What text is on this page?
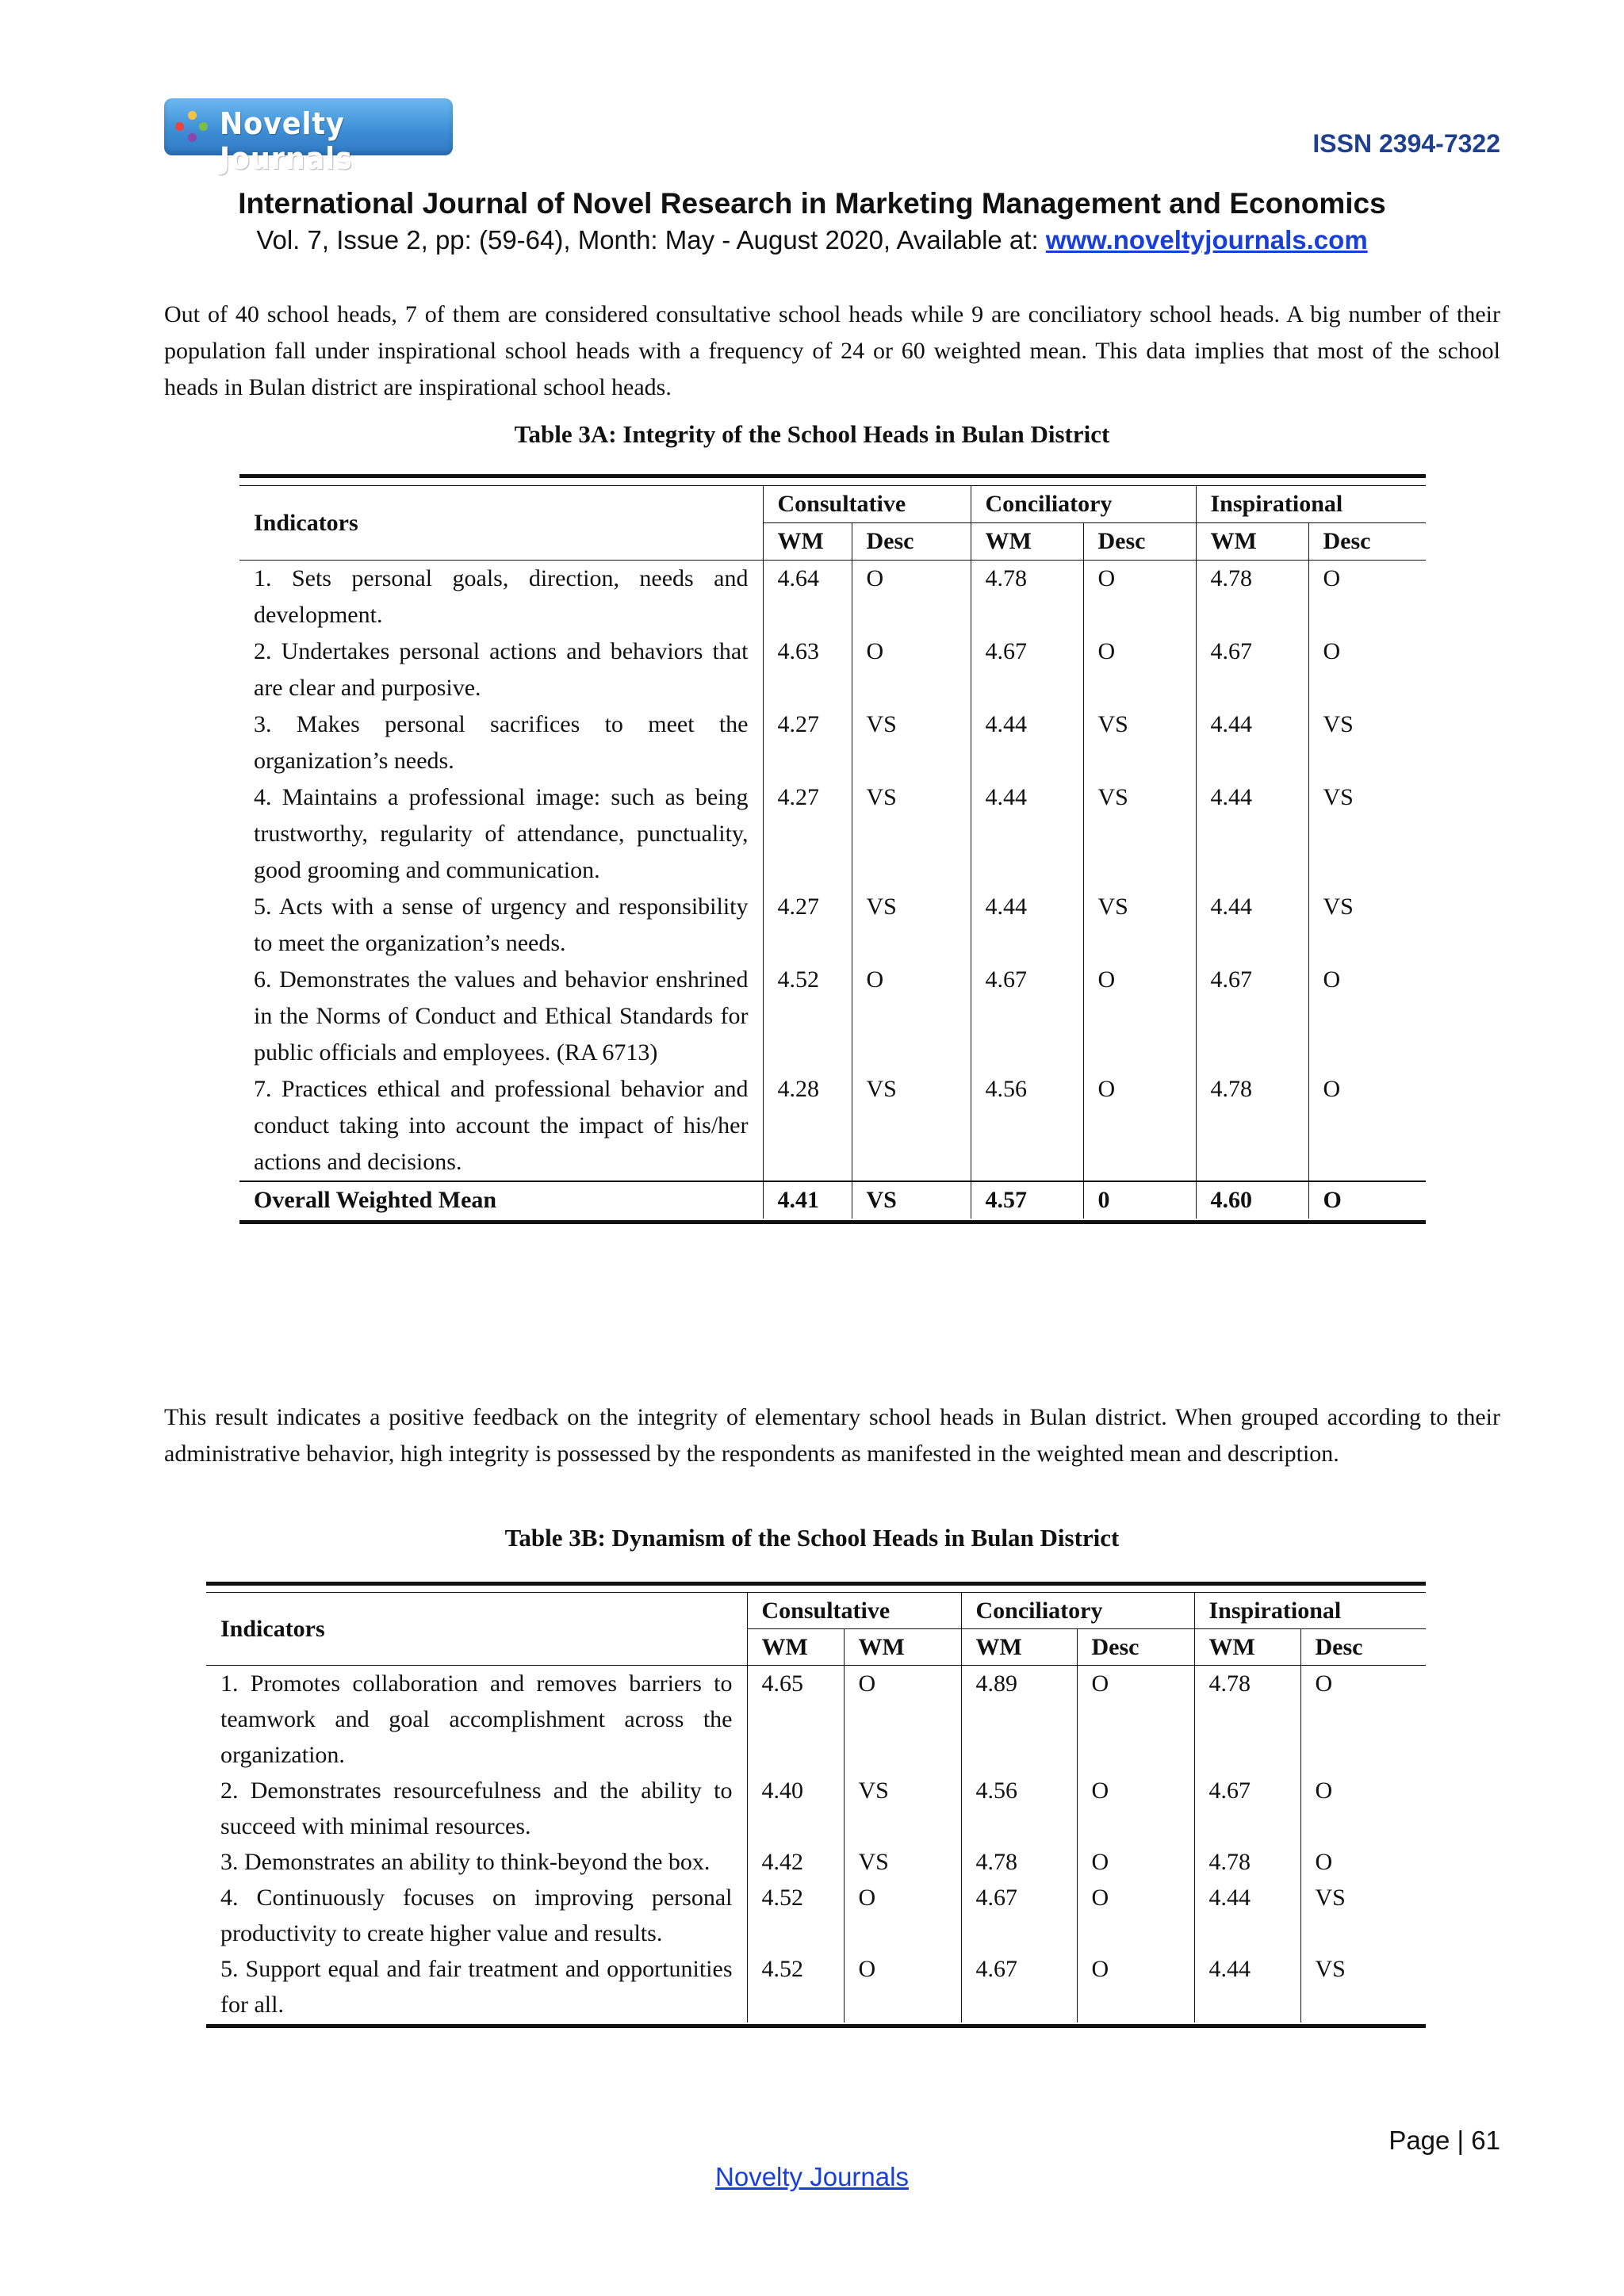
Novelty Journals	ISSN 2394-7322
International Journal of Novel Research in Marketing Management and Economics
Vol. 7, Issue 2, pp: (59-64), Month: May - August 2020, Available at: www.noveltyjournals.com
Out of 40 school heads, 7 of them are considered consultative school heads while 9 are conciliatory school heads. A big number of their population fall under inspirational school heads with a frequency of 24 or 60 weighted mean. This data implies that most of the school heads in Bulan district are inspirational school heads.
Table 3A: Integrity of the School Heads in Bulan District
Indicators	Consultative		Conciliatory		Inspirational	
	WM	Desc	WM	Desc	WM	Desc
1. Sets personal goals, direction, needs and development.	4.64	O	4.78	O	4.78	O
2. Undertakes personal actions and behaviors that are clear and purposive.	4.63	O	4.67	O	4.67	O
3. Makes personal sacrifices to meet the organization’s needs.	4.27	VS	4.44	VS	4.44	VS
4. Maintains a professional image: such as being trustworthy, regularity of attendance, punctuality, good grooming and communication.	4.27	VS	4.44	VS	4.44	VS
5. Acts with a sense of urgency and responsibility to meet the organization’s needs.	4.27	VS	4.44	VS	4.44	VS
6. Demonstrates the values and behavior enshrined in the Norms of Conduct and Ethical Standards for public officials and employees. (RA 6713)	4.52	O	4.67	O	4.67	O
7. Practices ethical and professional behavior and conduct taking into account the impact of his/her actions and decisions.	4.28	VS	4.56	O	4.78	O
Overall Weighted Mean	4.41	VS	4.57	0	4.60	O
This result indicates a positive feedback on the integrity of elementary school heads in Bulan district. When grouped according to their administrative behavior, high integrity is possessed by the respondents as manifested in the weighted mean and description.
Table 3B: Dynamism of the School Heads in Bulan District
Indicators	Consultative		Conciliatory		Inspirational	
	WM	WM	WM	Desc	WM	Desc
1. Promotes collaboration and removes barriers to teamwork and goal accomplishment across the organization.	4.65	O	4.89	O	4.78	O
2. Demonstrates resourcefulness and the ability to succeed with minimal resources.	4.40	VS	4.56	O	4.67	O
3. Demonstrates an ability to think-beyond the box.	4.42	VS	4.78	O	4.78	O
4. Continuously focuses on improving personal productivity to create higher value and results.	4.52	O	4.67	O	4.44	VS
5. Support equal and fair treatment and opportunities for all.	4.52	O	4.67	O	4.44	VS
Page | 61
Novelty Journals
